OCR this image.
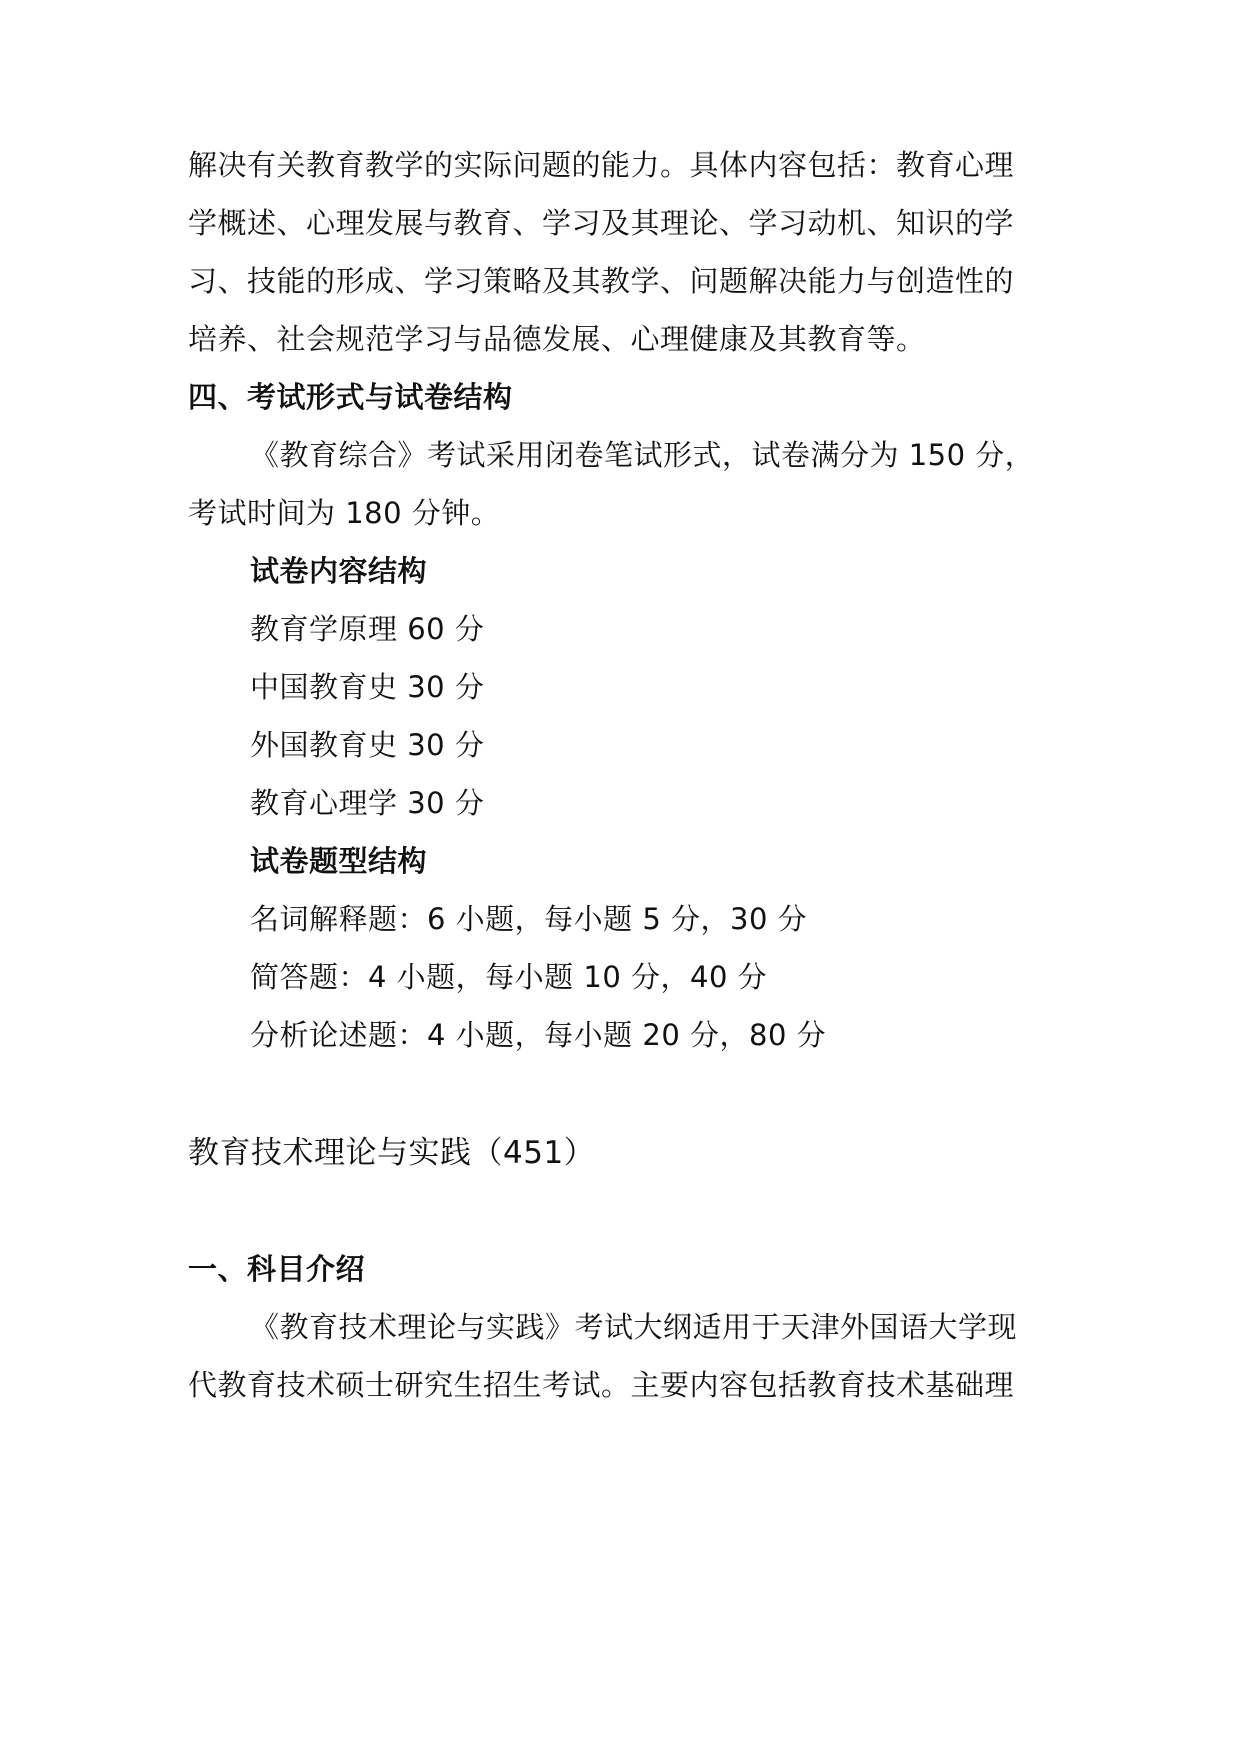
解决有关教育教学的实际问题的能力。具体内容包括：教育心理
学概述、心理发展与教育、学习及其理论、学习动机、知识的学
习、技能的形成、学习策略及其教学、问题解决能力与创造性的
培养、社会规范学习与品德发展、心理健康及其教育等。
四、考试形式与试卷结构
《教育综合》考试采用闭卷笔试形式，试卷满分为 150 分，
考试时间为 180 分钟。
试卷内容结构
教育学原理 60 分
中国教育史 30 分
外国教育史 30 分
教育心理学 30 分
试卷题型结构
名词解释题：6 小题，每小题 5 分，30 分
简答题：4 小题，每小题 10 分，40 分
分析论述题：4 小题，每小题 20 分，80 分
教育技术理论与实践（451）
一、科目介绍
《教育技术理论与实践》考试大纲适用于天津外国语大学现
代教育技术硕士研究生招生考试。主要内容包括教育技术基础理
